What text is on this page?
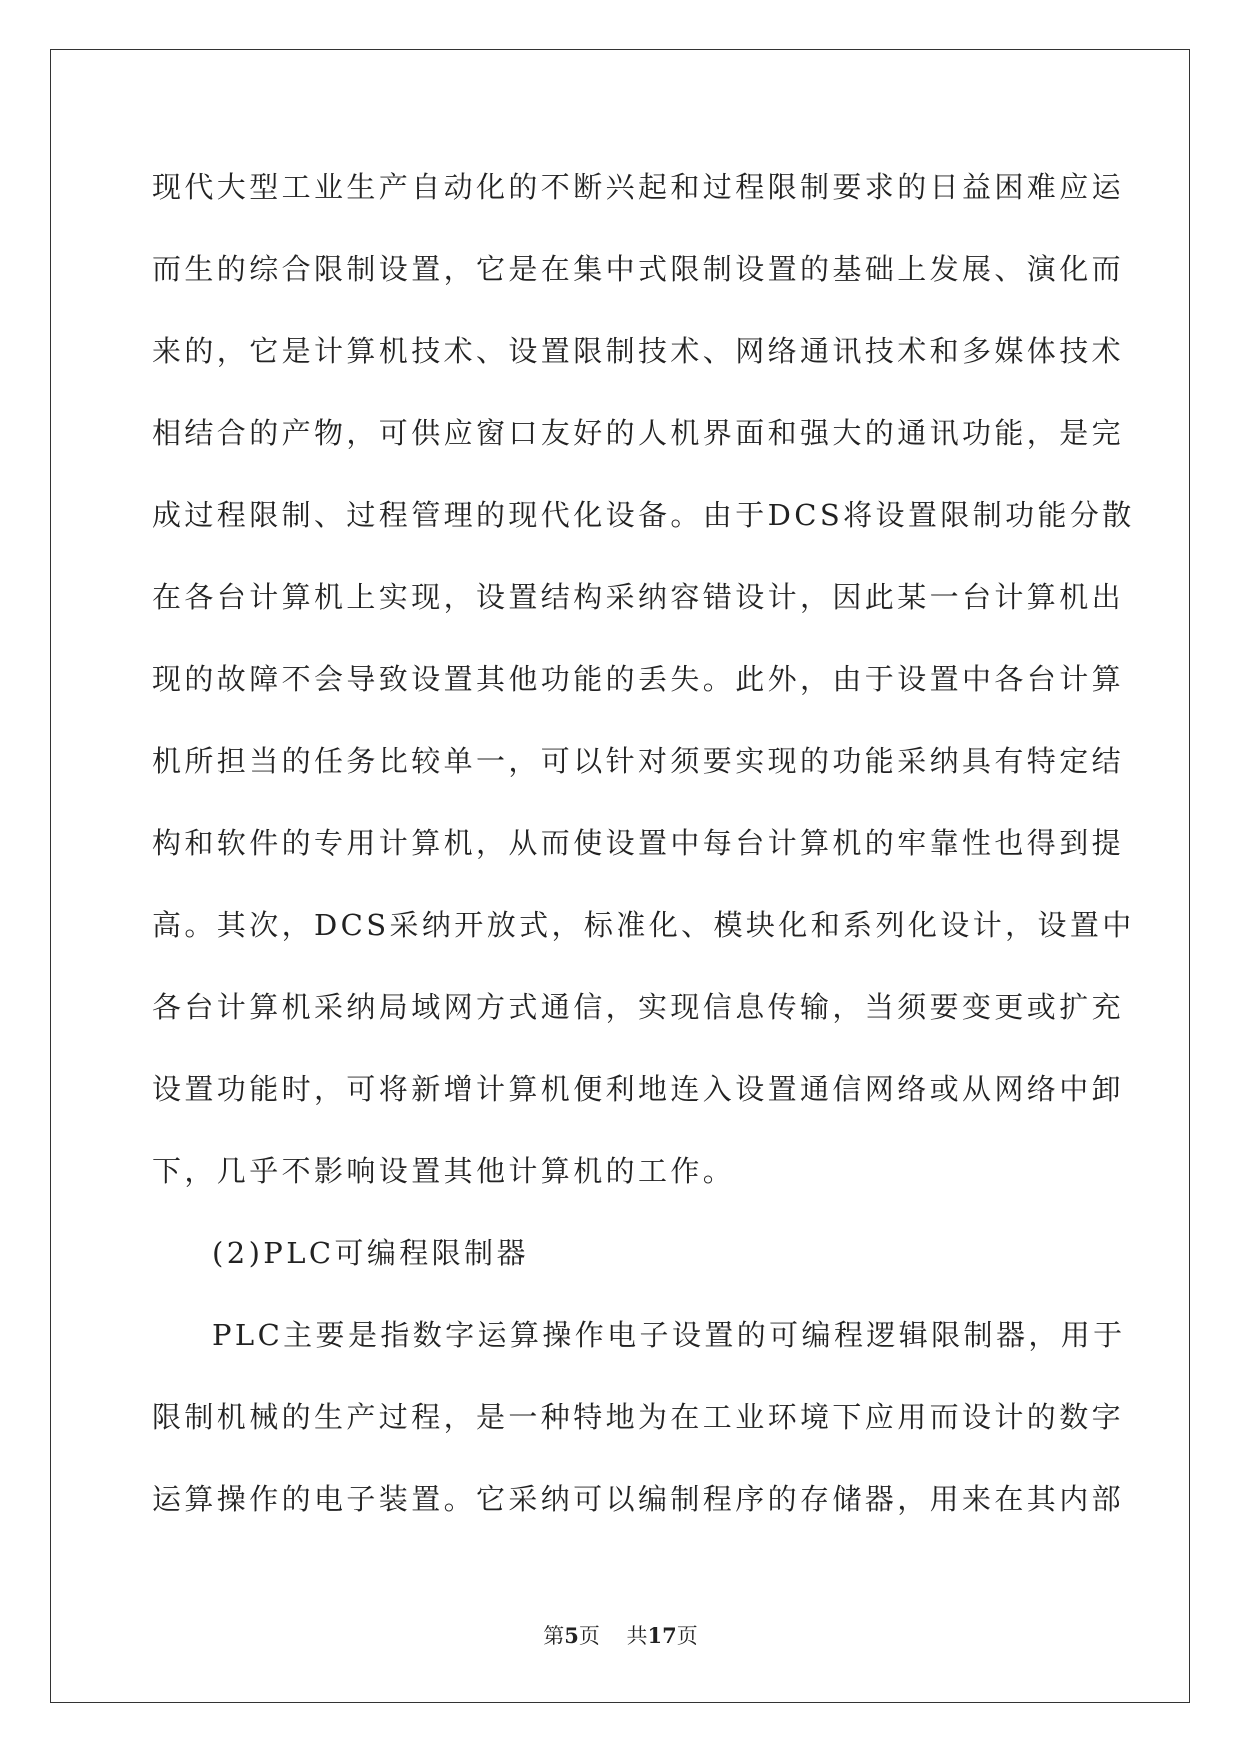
现代大型工业生产自动化的不断兴起和过程限制要求的日益困难应运
而生的综合限制设置，它是在集中式限制设置的基础上发展、演化而
来的，它是计算机技术、设置限制技术、网络通讯技术和多媒体技术
相结合的产物，可供应窗口友好的人机界面和强大的通讯功能，是完
成过程限制、过程管理的现代化设备。由于DCS将设置限制功能分散
在各台计算机上实现，设置结构采纳容错设计，因此某一台计算机出
现的故障不会导致设置其他功能的丢失。此外，由于设置中各台计算
机所担当的任务比较单一，可以针对须要实现的功能采纳具有特定结
构和软件的专用计算机，从而使设置中每台计算机的牢靠性也得到提
高。其次，DCS采纳开放式，标准化、模块化和系列化设计，设置中
各台计算机采纳局域网方式通信，实现信息传输，当须要变更或扩充
设置功能时，可将新增计算机便利地连入设置通信网络或从网络中卸
下，几乎不影响设置其他计算机的工作。
(2)PLC可编程限制器
PLC主要是指数字运算操作电子设置的可编程逻辑限制器，用于
限制机械的生产过程，是一种特地为在工业环境下应用而设计的数字
运算操作的电子装置。它采纳可以编制程序的存储器，用来在其内部
第5页 共17页
